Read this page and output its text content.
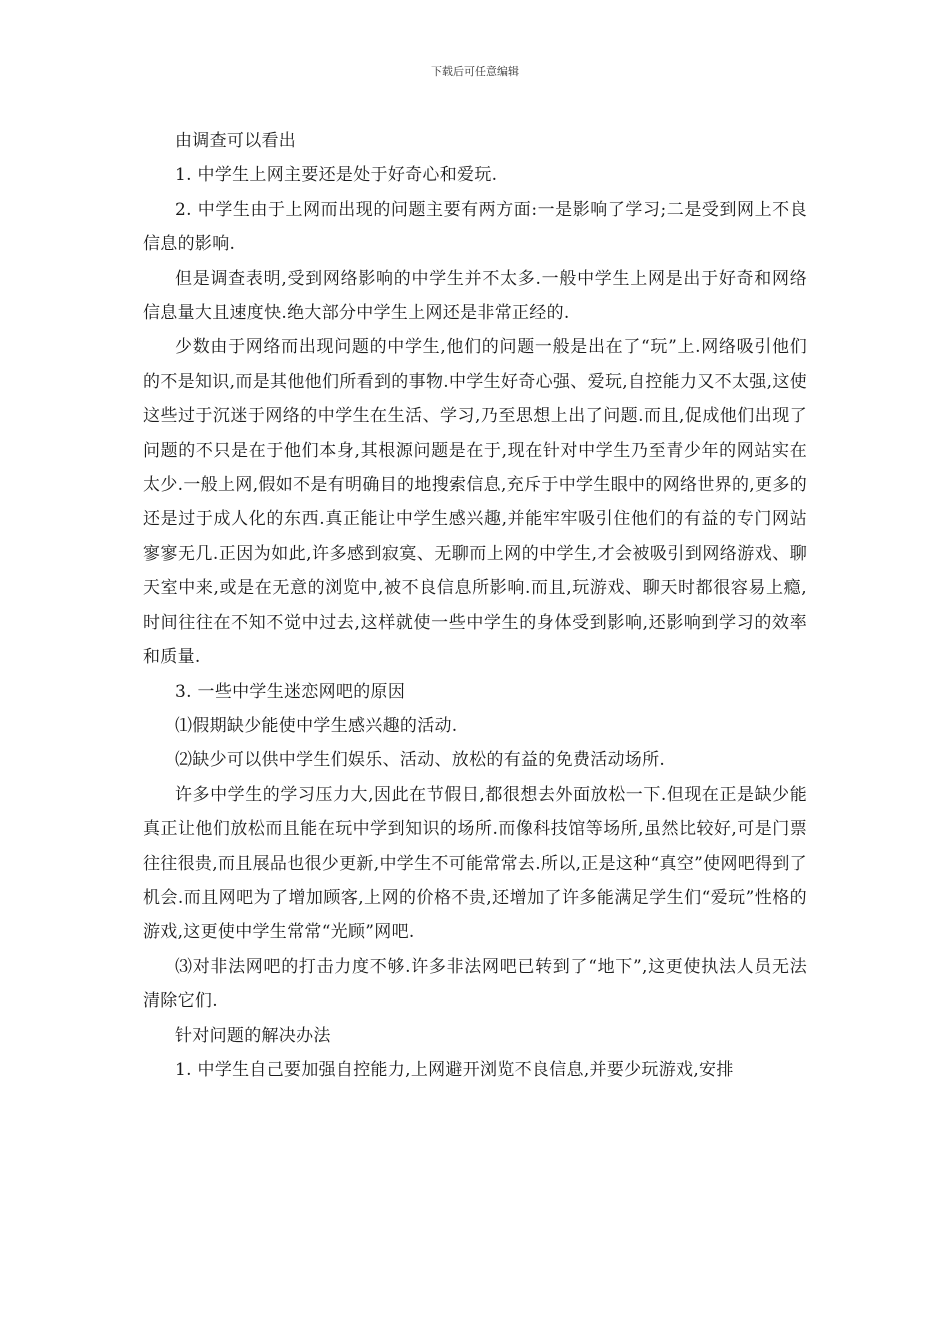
下载后可任意编辑

由调查可以看出

1. 中学生上网主要还是处于好奇心和爱玩.

2. 中学生由于上网而出现的问题主要有两方面:一是影响了学习;二是受到网上不良信息的影响.

但是调查表明,受到网络影响的中学生并不太多.一般中学生上网是出于好奇和网络信息量大且速度快.绝大部分中学生上网还是非常正经的.

少数由于网络而出现问题的中学生,他们的问题一般是出在了“玩”上.网络吸引他们的不是知识,而是其他他们所看到的事物.中学生好奇心强、爱玩,自控能力又不太强,这使这些过于沉迷于网络的中学生在生活、学习,乃至思想上出了问题.而且,促成他们出现了问题的不只是在于他们本身,其根源问题是在于,现在针对中学生乃至青少年的网站实在太少.一般上网,假如不是有明确目的地搜索信息,充斥于中学生眼中的网络世界的,更多的还是过于成人化的东西.真正能让中学生感兴趣,并能牢牢吸引住他们的有益的专门网站寥寥无几.正因为如此,许多感到寂寞、无聊而上网的中学生,才会被吸引到网络游戏、聊天室中来,或是在无意的浏览中,被不良信息所影响.而且,玩游戏、聊天时都很容易上瘾,时间往往在不知不觉中过去,这样就使一些中学生的身体受到影响,还影响到学习的效率和质量.

3. 一些中学生迷恋网吧的原因

⑴假期缺少能使中学生感兴趣的活动.

⑵缺少可以供中学生们娱乐、活动、放松的有益的免费活动场所.

许多中学生的学习压力大,因此在节假日,都很想去外面放松一下.但现在正是缺少能真正让他们放松而且能在玩中学到知识的场所.而像科技馆等场所,虽然比较好,可是门票往往很贵,而且展品也很少更新,中学生不可能常常去.所以,正是这种“真空”使网吧得到了机会.而且网吧为了增加顾客,上网的价格不贵,还增加了许多能满足学生们“爱玩”性格的游戏,这更使中学生常常“光顾”网吧.

⑶对非法网吧的打击力度不够.许多非法网吧已转到了“地下”,这更使执法人员无法清除它们.

针对问题的解决办法

1. 中学生自己要加强自控能力,上网避开浏览不良信息,并要少玩游戏,安排
